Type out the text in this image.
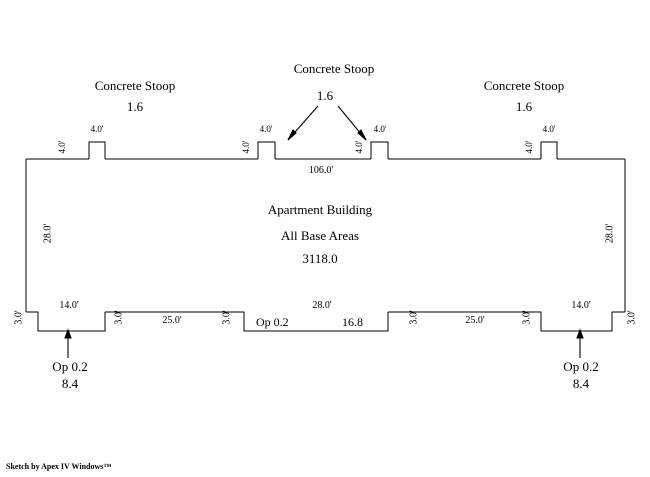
Concrete Stoop
1.6
Concrete Stoop
1.6
Concrete Stoop
1.6
4.0'
4.0'
4.0'
4.0'
4.0'
4.0'
4.0'
4.0'
106.0'
Apartment Building
All Base Areas
3118.0
28.0'	28.0'
3.0'
14.0'
3.0'	25.0'	3.0'
28.0'
Op 0.2	16.8	3.0'	25.0'	3.0'
14.0'
3.0'
Op 0.2
8.4
Op 0.2
8.4
Sketch by Apex IV Windows™
